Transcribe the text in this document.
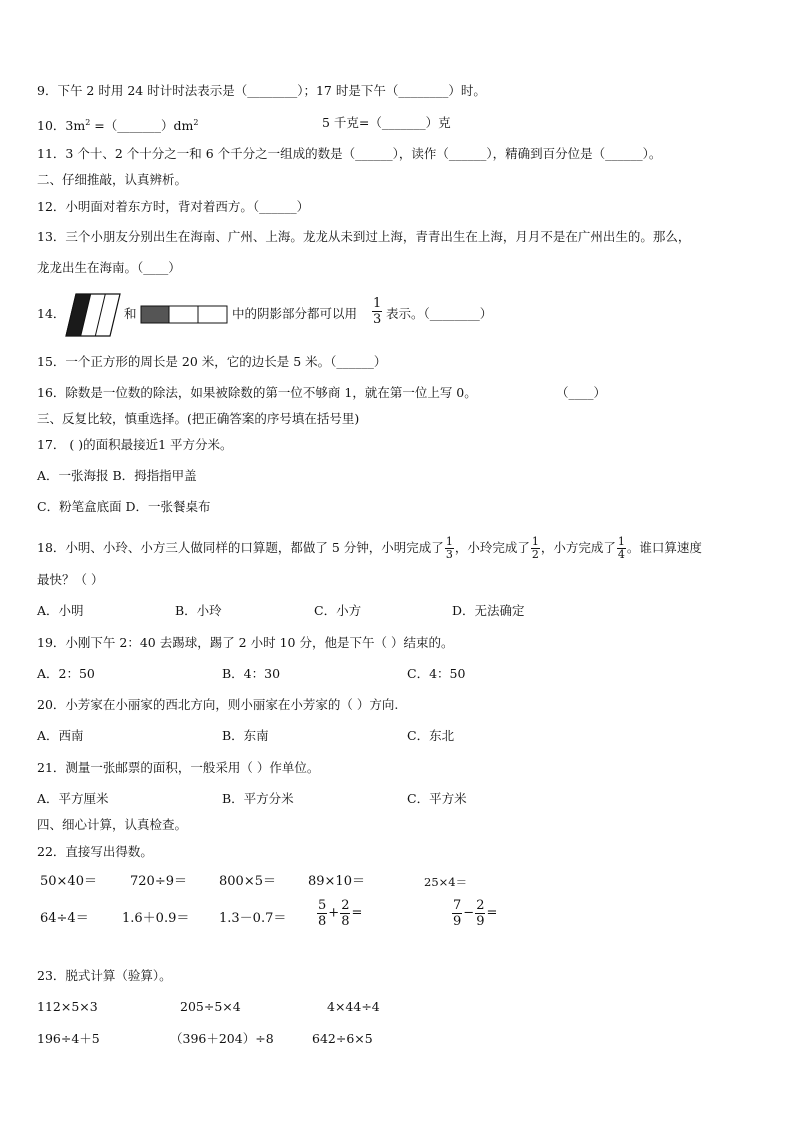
9．下午 2 时用 24 时计时法表示是（________）；17 时是下午（________）时。
10．$3m^2$ $=(\_\_\_\_\_\_\_)dm^2$	5 千克=（_______）克
11．3 个十、2 个十分之一和 6 个千分之一组成的数是（______），读作（______），精确到百分位是（______）。
二、仔细推敲，认真辨析。
12．小明面对着东方时，背对着西方。（______）
13．三个小朋友分别出生在海南、广州、上海。龙龙从未到过上海，青青出生在上海，月月不是在广州出生的。那么，
龙龙出生在海南。（____）
14．	和	中的阴影部分都可以用 $\frac{1}{3}$ 表示。（________）
15．一个正方形的周长是 20 米，它的边长是 5 米。（______）
16．除数是一位数的除法，如果被除数的第一位不够商 1，就在第一位上写 0。	（____）
三、反复比较，慎重选择。(把正确答案的序号填在括号里)
17． ( )的面积最接近1 平方分米。
A．一张海报 B．拇指指甲盖
C．粉笔盒底面 D．一张餐桌布
18．小明、小玲、小方三人做同样的口算题，都做了 5 分钟，小明完成了 $\frac{1}{3}$ ，小玲完成了 $\frac{1}{2}$ ，小方完成了 $\frac{1}{4}$ 。谁口算速度
最快？（ ）
A．小明	B．小玲	C．小方	D．无法确定
19．小刚下午 2：40 去踢球，踢了 2 小时 10 分，他是下午（ ）结束的。
A．2：50	B．4：30	C．4：50
20．小芳家在小丽家的西北方向，则小丽家在小芳家的（ ）方向.
A．西南	B．东南	C．东北
21．测量一张邮票的面积，一般采用（ ）作单位。
A．平方厘米	B．平方分米	C．平方米
四、细心计算，认真检查。
22．直接写出得数。
50×40＝	720÷9＝ 800×5＝ 89×10＝	25×4＝
64÷4＝	$1.6+0.9= 1.3-0.7= \frac{5}{8} + \frac{2}{8}$ =	$\frac{7}{9} - \frac{2}{9}$ =
23．脱式计算（验算）。
112×5×3	205÷5×4	4×44÷4
196÷4＋5	（396＋204）÷8	642÷6×5
